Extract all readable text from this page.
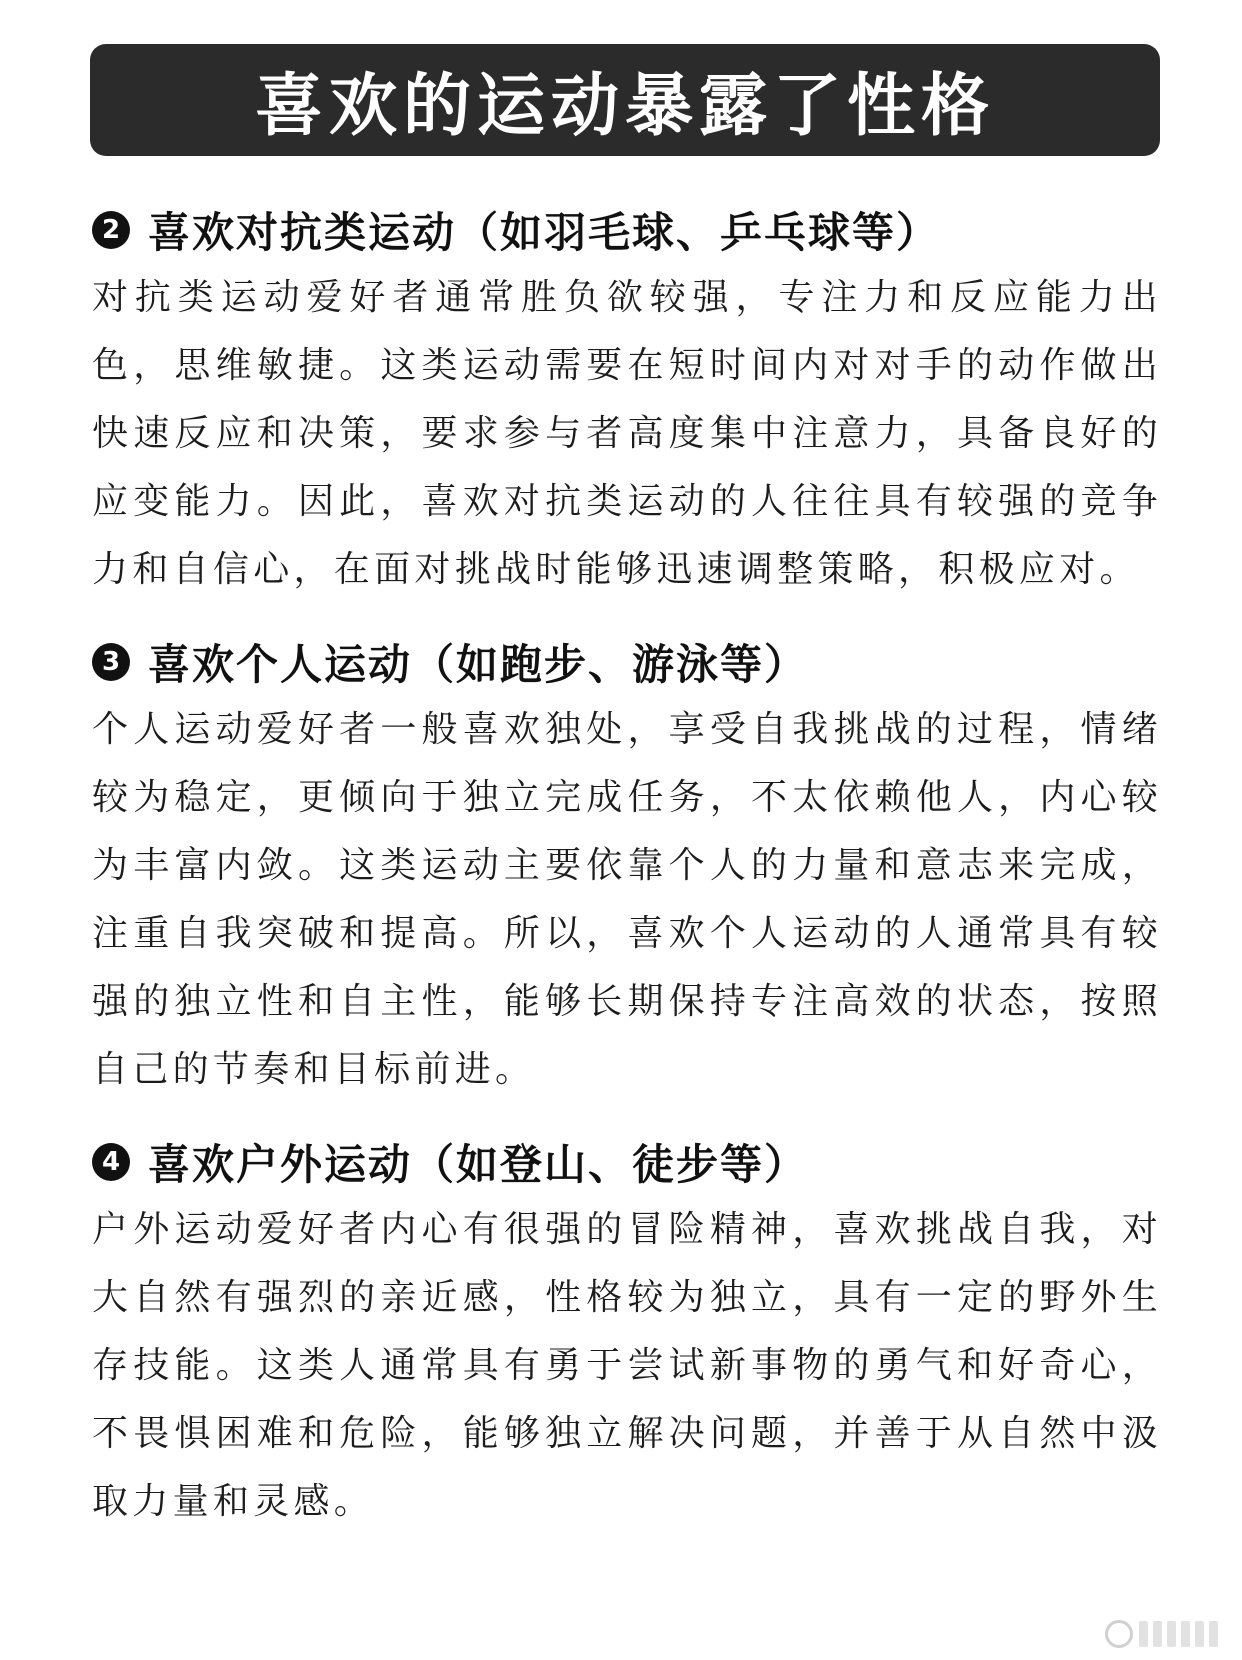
喜欢的运动暴露了性格
2 喜欢对抗类运动（如羽毛球、乒乓球等）

对抗类运动爱好者通常胜负欲较强，专注力和反应能力出色，思维敏捷。这类运动需要在短时间内对对手的动作做出快速反应和决策，要求参与者高度集中注意力，具备良好的应变能力。因此，喜欢对抗类运动的人往往具有较强的竞争力和自信心，在面对挑战时能够迅速调整策略，积极应对。

3 喜欢个人运动（如跑步、游泳等）

个人运动爱好者一般喜欢独处，享受自我挑战的过程，情绪较为稳定，更倾向于独立完成任务，不太依赖他人，内心较为丰富内敛。这类运动主要依靠个人的力量和意志来完成，注重自我突破和提高。所以，喜欢个人运动的人通常具有较强的独立性和自主性，能够长期保持专注高效的状态，按照自己的节奏和目标前进。

4 喜欢户外运动（如登山、徒步等）

户外运动爱好者内心有很强的冒险精神，喜欢挑战自我，对大自然有强烈的亲近感，性格较为独立，具有一定的野外生存技能。这类人通常具有勇于尝试新事物的勇气和好奇心，不畏惧困难和危险，能够独立解决问题，并善于从自然中汲取力量和灵感。
